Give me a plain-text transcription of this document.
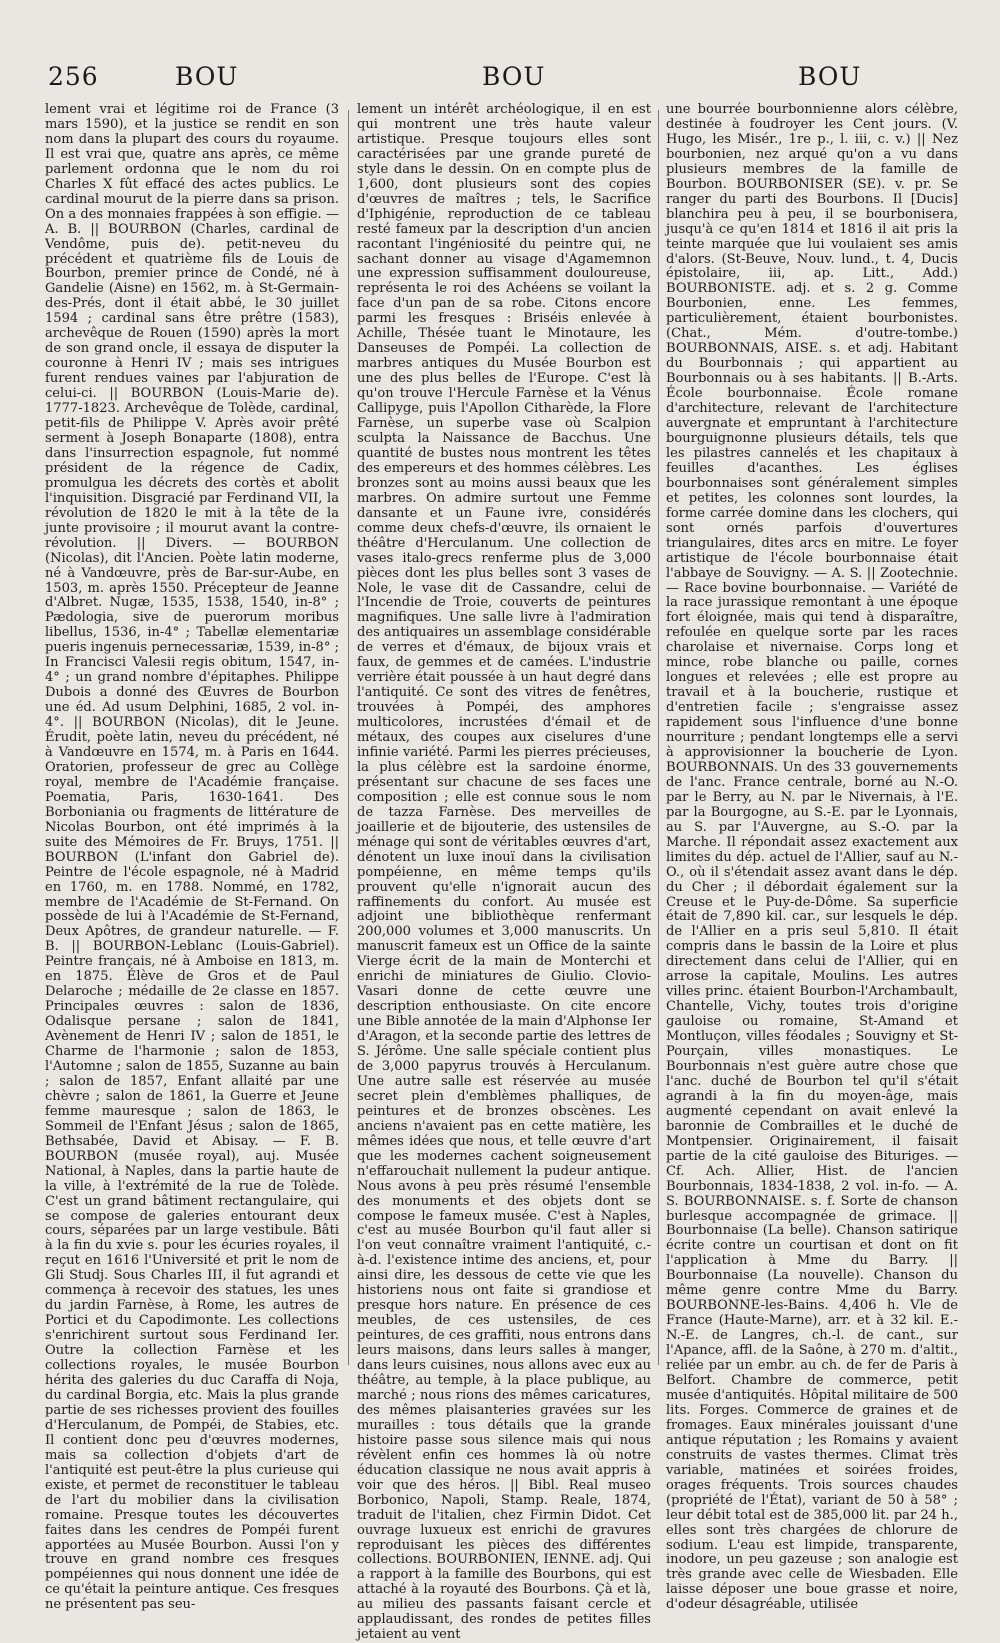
256	BOU	BOU	BOU

lement vrai et légitime roi de France (3 mars 1590), et la justice se rendit en son nom dans la plupart des cours du royaume. Il est vrai que, quatre ans après, ce même parlement ordonna que le nom du roi Charles X fût effacé des actes publics. Le cardinal mourut de la pierre dans sa prison. On a des monnaies frappées à son effigie. — A. B. || BOURBON (Charles, cardinal de Vendôme, puis de). petit-neveu du précédent et quatrième fils de Louis de Bourbon, premier prince de Condé, né à Gandelie (Aisne) en 1562, m. à St-Germain-des-Prés, dont il était abbé, le 30 juillet 1594 ; cardinal sans être prêtre (1583), archevêque de Rouen (1590) après la mort de son grand oncle, il essaya de disputer la couronne à Henri IV ; mais ses intrigues furent rendues vaines par l'abjuration de celui-ci. || BOURBON (Louis-Marie de). 1777-1823. Archevêque de Tolède, cardinal, petit-fils de Philippe V. Après avoir prêté serment à Joseph Bonaparte (1808), entra dans l'insurrection espagnole, fut nommé président de la régence de Cadix, promulgua les décrets des cortès et abolit l'inquisition. Disgracié par Ferdinand VII, la révolution de 1820 le mit à la tête de la junte provisoire ; il mourut avant la contre-révolution. || Divers. — BOURBON (Nicolas), dit l'Ancien. Poète latin moderne, né à Vandœuvre, près de Bar-sur-Aube, en 1503, m. après 1550. Précepteur de Jeanne d'Albret. Nugæ, 1535, 1538, 1540, in-8° ; Pædologia, sive de puerorum moribus libellus, 1536, in-4° ; Tabellæ elementariæ pueris ingenuis pernecessariæ, 1539, in-8° ; In Francisci Valesii regis obitum, 1547, in-4° ; un grand nombre d'épitaphes. Philippe Dubois a donné des Œuvres de Bourbon une éd. Ad usum Delphini, 1685, 2 vol. in-4°. || BOURBON (Nicolas), dit le Jeune. Érudit, poète latin, neveu du précédent, né à Vandœuvre en 1574, m. à Paris en 1644. Oratorien, professeur de grec au Collège royal, membre de l'Académie française. Poematia, Paris, 1630-1641. Des Borboniania ou fragments de littérature de Nicolas Bourbon, ont été imprimés à la suite des Mémoires de Fr. Bruys, 1751. || BOURBON (L'infant don Gabriel de). Peintre de l'école espagnole, né à Madrid en 1760, m. en 1788. Nommé, en 1782, membre de l'Académie de St-Fernand. On possède de lui à l'Académie de St-Fernand, Deux Apôtres, de grandeur naturelle. — F. B. || BOURBON-Leblanc (Louis-Gabriel). Peintre français, né à Amboise en 1813, m. en 1875. Élève de Gros et de Paul Delaroche ; médaille de 2e classe en 1857. Principales œuvres : salon de 1836, Odalisque persane ; salon de 1841, Avènement de Henri IV ; salon de 1851, le Charme de l'harmonie ; salon de 1853, l'Automne ; salon de 1855, Suzanne au bain ; salon de 1857, Enfant allaité par une chèvre ; salon de 1861, la Guerre et Jeune femme mauresque ; salon de 1863, le Sommeil de l'Enfant Jésus ; salon de 1865, Bethsabée, David et Abisay. — F. B. BOURBON (musée royal), auj. Musée National, à Naples, dans la partie haute de la ville, à l'extrémité de la rue de Tolède. C'est un grand bâtiment rectangulaire, qui se compose de galeries entourant deux cours, séparées par un large vestibule. Bâti à la fin du xvie s. pour les écuries royales, il reçut en 1616 l'Université et prit le nom de Gli Studj. Sous Charles III, il fut agrandi et commença à recevoir des statues, les unes du jardin Farnèse, à Rome, les autres de Portici et du Capodimonte. Les collections s'enrichirent surtout sous Ferdinand Ier. Outre la collection Farnèse et les collections royales, le musée Bourbon hérita des galeries du duc Caraffa di Noja, du cardinal Borgia, etc. Mais la plus grande partie de ses richesses provient des fouilles d'Herculanum, de Pompéi, de Stabies, etc. Il contient donc peu d'œuvres modernes, mais sa collection d'objets d'art de l'antiquité est peut-être la plus curieuse qui existe, et permet de reconstituer le tableau de l'art du mobilier dans la civilisation romaine. Presque toutes les découvertes faites dans les cendres de Pompéi furent apportées au Musée Bourbon. Aussi l'on y trouve en grand nombre ces fresques pompéiennes qui nous donnent une idée de ce qu'était la peinture antique. Ces fresques ne présentent pas seu-

lement un intérêt archéologique, il en est qui montrent une très haute valeur artistique. Presque toujours elles sont caractérisées par une grande pureté de style dans le dessin. On en compte plus de 1,600, dont plusieurs sont des copies d'œuvres de maîtres ; tels, le Sacrifice d'Iphigénie, reproduction de ce tableau resté fameux par la description d'un ancien racontant l'ingéniosité du peintre qui, ne sachant donner au visage d'Agamemnon une expression suffisamment douloureuse, représenta le roi des Achéens se voilant la face d'un pan de sa robe. Citons encore parmi les fresques : Briséis enlevée à Achille, Thésée tuant le Minotaure, les Danseuses de Pompéi. La collection de marbres antiques du Musée Bourbon est une des plus belles de l'Europe. C'est là qu'on trouve l'Hercule Farnèse et la Vénus Callipyge, puis l'Apollon Citharède, la Flore Farnèse, un superbe vase où Scalpion sculpta la Naissance de Bacchus. Une quantité de bustes nous montrent les têtes des empereurs et des hommes célèbres. Les bronzes sont au moins aussi beaux que les marbres. On admire surtout une Femme dansante et un Faune ivre, considérés comme deux chefs-d'œuvre, ils ornaient le théâtre d'Herculanum. Une collection de vases italo-grecs renferme plus de 3,000 pièces dont les plus belles sont 3 vases de Nole, le vase dit de Cassandre, celui de l'Incendie de Troie, couverts de peintures magnifiques. Une salle livre à l'admiration des antiquaires un assemblage considérable de verres et d'émaux, de bijoux vrais et faux, de gemmes et de camées. L'industrie verrière était poussée à un haut degré dans l'antiquité. Ce sont des vitres de fenêtres, trouvées à Pompéi, des amphores multicolores, incrustées d'émail et de métaux, des coupes aux ciselures d'une infinie variété. Parmi les pierres précieuses, la plus célèbre est la sardoine énorme, présentant sur chacune de ses faces une composition ; elle est connue sous le nom de tazza Farnèse. Des merveilles de joaillerie et de bijouterie, des ustensiles de ménage qui sont de véritables œuvres d'art, dénotent un luxe inouï dans la civilisation pompéienne, en même temps qu'ils prouvent qu'elle n'ignorait aucun des raffinements du confort. Au musée est adjoint une bibliothèque renfermant 200,000 volumes et 3,000 manuscrits. Un manuscrit fameux est un Office de la sainte Vierge écrit de la main de Monterchi et enrichi de miniatures de Giulio. Clovio-Vasari donne de cette œuvre une description enthousiaste. On cite encore une Bible annotée de la main d'Alphonse Ier d'Aragon, et la seconde partie des lettres de S. Jérôme. Une salle spéciale contient plus de 3,000 papyrus trouvés à Herculanum. Une autre salle est réservée au musée secret plein d'emblèmes phalliques, de peintures et de bronzes obscènes. Les anciens n'avaient pas en cette matière, les mêmes idées que nous, et telle œuvre d'art que les modernes cachent soigneusement n'effarouchait nullement la pudeur antique. Nous avons à peu près résumé l'ensemble des monuments et des objets dont se compose le fameux musée. C'est à Naples, c'est au musée Bourbon qu'il faut aller si l'on veut connaître vraiment l'antiquité, c.-à-d. l'existence intime des anciens, et, pour ainsi dire, les dessous de cette vie que les historiens nous ont faite si grandiose et presque hors nature. En présence de ces meubles, de ces ustensiles, de ces peintures, de ces graffiti, nous entrons dans leurs maisons, dans leurs salles à manger, dans leurs cuisines, nous allons avec eux au théâtre, au temple, à la place publique, au marché ; nous rions des mêmes caricatures, des mêmes plaisanteries gravées sur les murailles : tous détails que la grande histoire passe sous silence mais qui nous révèlent enfin ces hommes là où notre éducation classique ne nous avait appris à voir que des héros. || Bibl. Real museo Borbonico, Napoli, Stamp. Reale, 1874, traduit de l'italien, chez Firmin Didot. Cet ouvrage luxueux est enrichi de gravures reproduisant les pièces des différentes collections. BOURBONIEN, IENNE. adj. Qui a rapport à la famille des Bourbons, qui est attaché à la royauté des Bourbons. Çà et là, au milieu des passants faisant cercle et applaudissant, des rondes de petites filles jetaient au vent

une bourrée bourbonnienne alors célèbre, destinée à foudroyer les Cent jours. (V. Hugo, les Misér., 1re p., l. iii, c. v.) || Nez bourbonien, nez arqué qu'on a vu dans plusieurs membres de la famille de Bourbon. BOURBONISER (SE). v. pr. Se ranger du parti des Bourbons. Il [Ducis] blanchira peu à peu, il se bourbonisera, jusqu'à ce qu'en 1814 et 1816 il ait pris la teinte marquée que lui voulaient ses amis d'alors. (St-Beuve, Nouv. lund., t. 4, Ducis épistolaire, iii, ap. Litt., Add.) BOURBONISTE. adj. et s. 2 g. Comme Bourbonien, enne. Les femmes, particulièrement, étaient bourbonistes. (Chat., Mém. d'outre-tombe.) BOURBONNAIS, AISE. s. et adj. Habitant du Bourbonnais ; qui appartient au Bourbonnais ou à ses habitants. || B.-Arts. École bourbonnaise. École romane d'architecture, relevant de l'architecture auvergnate et empruntant à l'architecture bourguignonne plusieurs détails, tels que les pilastres cannelés et les chapitaux à feuilles d'acanthes. Les églises bourbonnaises sont généralement simples et petites, les colonnes sont lourdes, la forme carrée domine dans les clochers, qui sont ornés parfois d'ouvertures triangulaires, dites arcs en mitre. Le foyer artistique de l'école bourbonnaise était l'abbaye de Souvigny. — A. S. || Zootechnie. — Race bovine bourbonnaise. — Variété de la race jurassique remontant à une époque fort éloignée, mais qui tend à disparaître, refoulée en quelque sorte par les races charolaise et nivernaise. Corps long et mince, robe blanche ou paille, cornes longues et relevées ; elle est propre au travail et à la boucherie, rustique et d'entretien facile ; s'engraisse assez rapidement sous l'influence d'une bonne nourriture ; pendant longtemps elle a servi à approvisionner la boucherie de Lyon. BOURBONNAIS. Un des 33 gouvernements de l'anc. France centrale, borné au N.-O. par le Berry, au N. par le Nivernais, à l'E. par la Bourgogne, au S.-E. par le Lyonnais, au S. par l'Auvergne, au S.-O. par la Marche. Il répondait assez exactement aux limites du dép. actuel de l'Allier, sauf au N.-O., où il s'étendait assez avant dans le dép. du Cher ; il débordait également sur la Creuse et le Puy-de-Dôme. Sa superficie était de 7,890 kil. car., sur lesquels le dép. de l'Allier en a pris seul 5,810. Il était compris dans le bassin de la Loire et plus directement dans celui de l'Allier, qui en arrose la capitale, Moulins. Les autres villes princ. étaient Bourbon-l'Archambault, Chantelle, Vichy, toutes trois d'origine gauloise ou romaine, St-Amand et Montluçon, villes féodales ; Souvigny et St-Pourçain, villes monastiques. Le Bourbonnais n'est guère autre chose que l'anc. duché de Bourbon tel qu'il s'était agrandi à la fin du moyen-âge, mais augmenté cependant on avait enlevé la baronnie de Combrailles et le duché de Montpensier. Originairement, il faisait partie de la cité gauloise des Bituriges. — Cf. Ach. Allier, Hist. de l'ancien Bourbonnais, 1834-1838, 2 vol. in-fo. — A. S. BOURBONNAISE. s. f. Sorte de chanson burlesque accompagnée de grimace. || Bourbonnaise (La belle). Chanson satirique écrite contre un courtisan et dont on fit l'application à Mme du Barry. || Bourbonnaise (La nouvelle). Chanson du même genre contre Mme du Barry. BOURBONNE-les-Bains. 4,406 h. Vle de France (Haute-Marne), arr. et à 32 kil. E.-N.-E. de Langres, ch.-l. de cant., sur l'Apance, affl. de la Saône, à 270 m. d'altit., reliée par un embr. au ch. de fer de Paris à Belfort. Chambre de commerce, petit musée d'antiquités. Hôpital militaire de 500 lits. Forges. Commerce de graines et de fromages. Eaux minérales jouissant d'une antique réputation ; les Romains y avaient construits de vastes thermes. Climat très variable, matinées et soirées froides, orages fréquents. Trois sources chaudes (propriété de l'État), variant de 50 à 58° ; leur débit total est de 385,000 lit. par 24 h., elles sont très chargées de chlorure de sodium. L'eau est limpide, transparente, inodore, un peu gazeuse ; son analogie est très grande avec celle de Wiesbaden. Elle laisse déposer une boue grasse et noire, d'odeur désagréable, utilisée
